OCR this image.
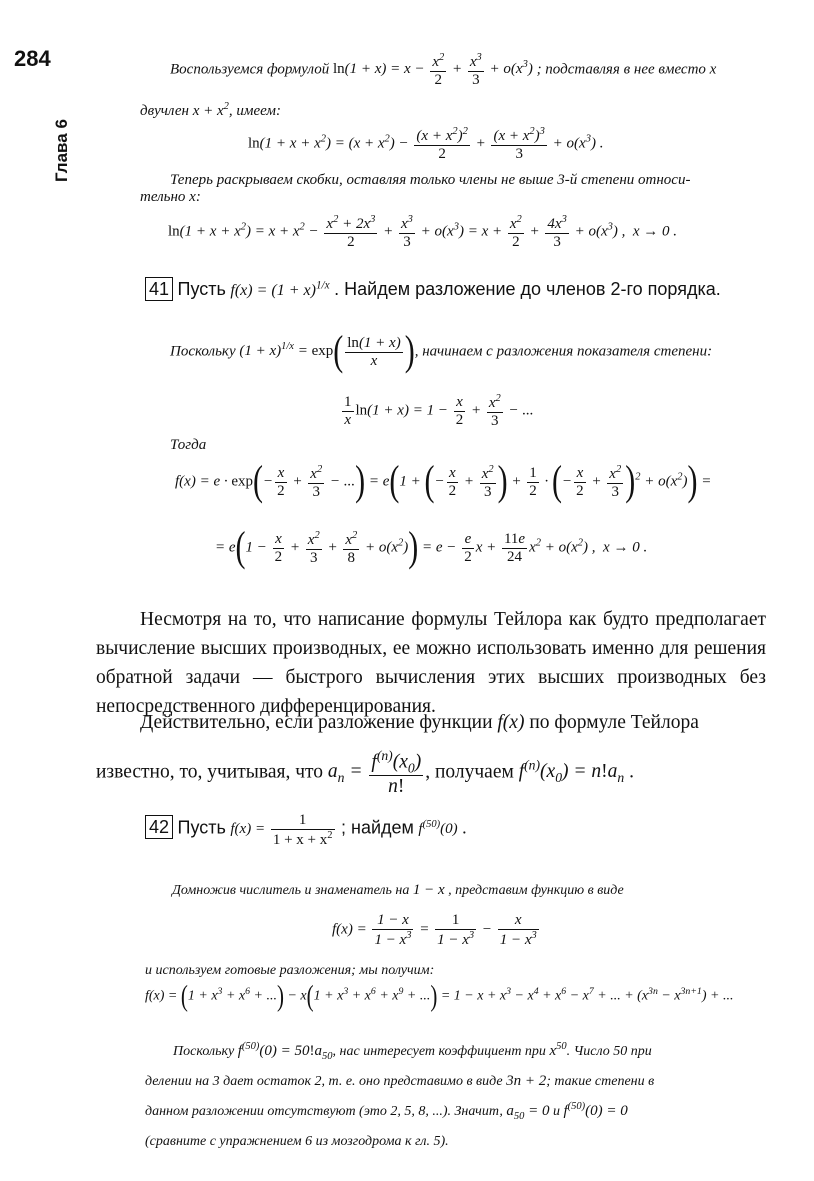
284
Глава 6
Воспользуемся формулой $\ln(1 + x) = x - \frac{x^2}{2} + \frac{x^3}{3} + o(x^3)$ ; подставляя в нее вместо x
двучлен $x + x^2$, имеем:
$\ln(1 + x + x^2) = (x + x^2) - \frac{(x + x^2)^2}{2} + \frac{(x + x^2)^3}{3} + o(x^3)$ .
Теперь раскрываем скобки, оставляя только члены не выше 3-й степени относи-
тельно x:
$\ln(1 + x + x^2) = x + x^2 - \frac{x^2 + 2x^3}{2} + \frac{x^3}{3} + o(x^3) = x + \frac{x^2}{2} + \frac{4x^3}{3} + o(x^3)$ ,  x → 0 .
41 Пусть $f(x) = (1 + x)^{1/x}$ . Найдем разложение до членов 2-го порядка.
Поскольку $(1 + x)^{1/x} = \exp( \frac{\ln(1 + x)}{x}$ ), начинаем с разложения показателя степени:
$\frac{1}{x} \ln(1 + x) = 1 - \frac{x}{2} + \frac{x^2}{3}$ − ...
Тогда
$f(x) = e \cdot \exp(- \frac{x}{2} + \frac{x^2}{3}$ − ...) = e(1 + (− $\frac{x}{2} + \frac{x^2}{3}$ ) + $\frac{1}{2}$ · (− $\frac{x}{2} + \frac{x^2}{3} )^2 + o(x^2)$) =
= $e(1 - \frac{x}{2} + \frac{x^2}{3} + \frac{x^2}{8} + o(x^2)) = e - \frac{e}{2}$ $x + \frac{11e}{24} x^2 + o(x^2)$ ,  x → 0 .
Несмотря на то, что написание формулы Тейлора как будто предполагает вычисление высших производных, ее можно использовать именно для решения обратной задачи — быстрого вычисления этих высших производных без непосредственного дифференцирования.
Действительно, если разложение функции f(x) по формуле Тейлора
известно, то, учитывая, что $a_n = \frac{f^{(n)}(x_0)}{n!}$ , получаем $f^{(n)}(x_0) = n!a_n$ .
42 Пусть $f(x) = \frac{1}{1 + x + x^2}$ ; найдем $f^{(50)}(0)$ .
Домножив числитель и знаменатель на 1 − x , представим функцию в виде
$f(x) = \frac{1 - x}{1 - x^3} = \frac{1}{1 - x^3} - \frac{x}{1 - x^3}$
и используем готовые разложения; мы получим:
$f(x) = (1 + x^3 + x^6$ + ...) − $x(1 + x^3 + x^6 + x^9$ + ...) = $1 - x + x^3 - x^4 + x^6 - x^7$ + ... + $(x^{3n} - x^{3n+1})$ + ...
Поскольку $f^{(50)}(0) = 50!a_{50}$, нас интересует коэффициент при $x^{50}$. Число 50 при
делении на 3 дает остаток 2, т. е. оно представимо в виде 3n + 2; такие степени в
данном разложении отсутствуют (это 2, 5, 8, ...). Значит, $a_{50} = 0$ и $f^{(50)}(0) = 0$
(сравните с упражнением 6 из мозгодрома к гл. 5).
